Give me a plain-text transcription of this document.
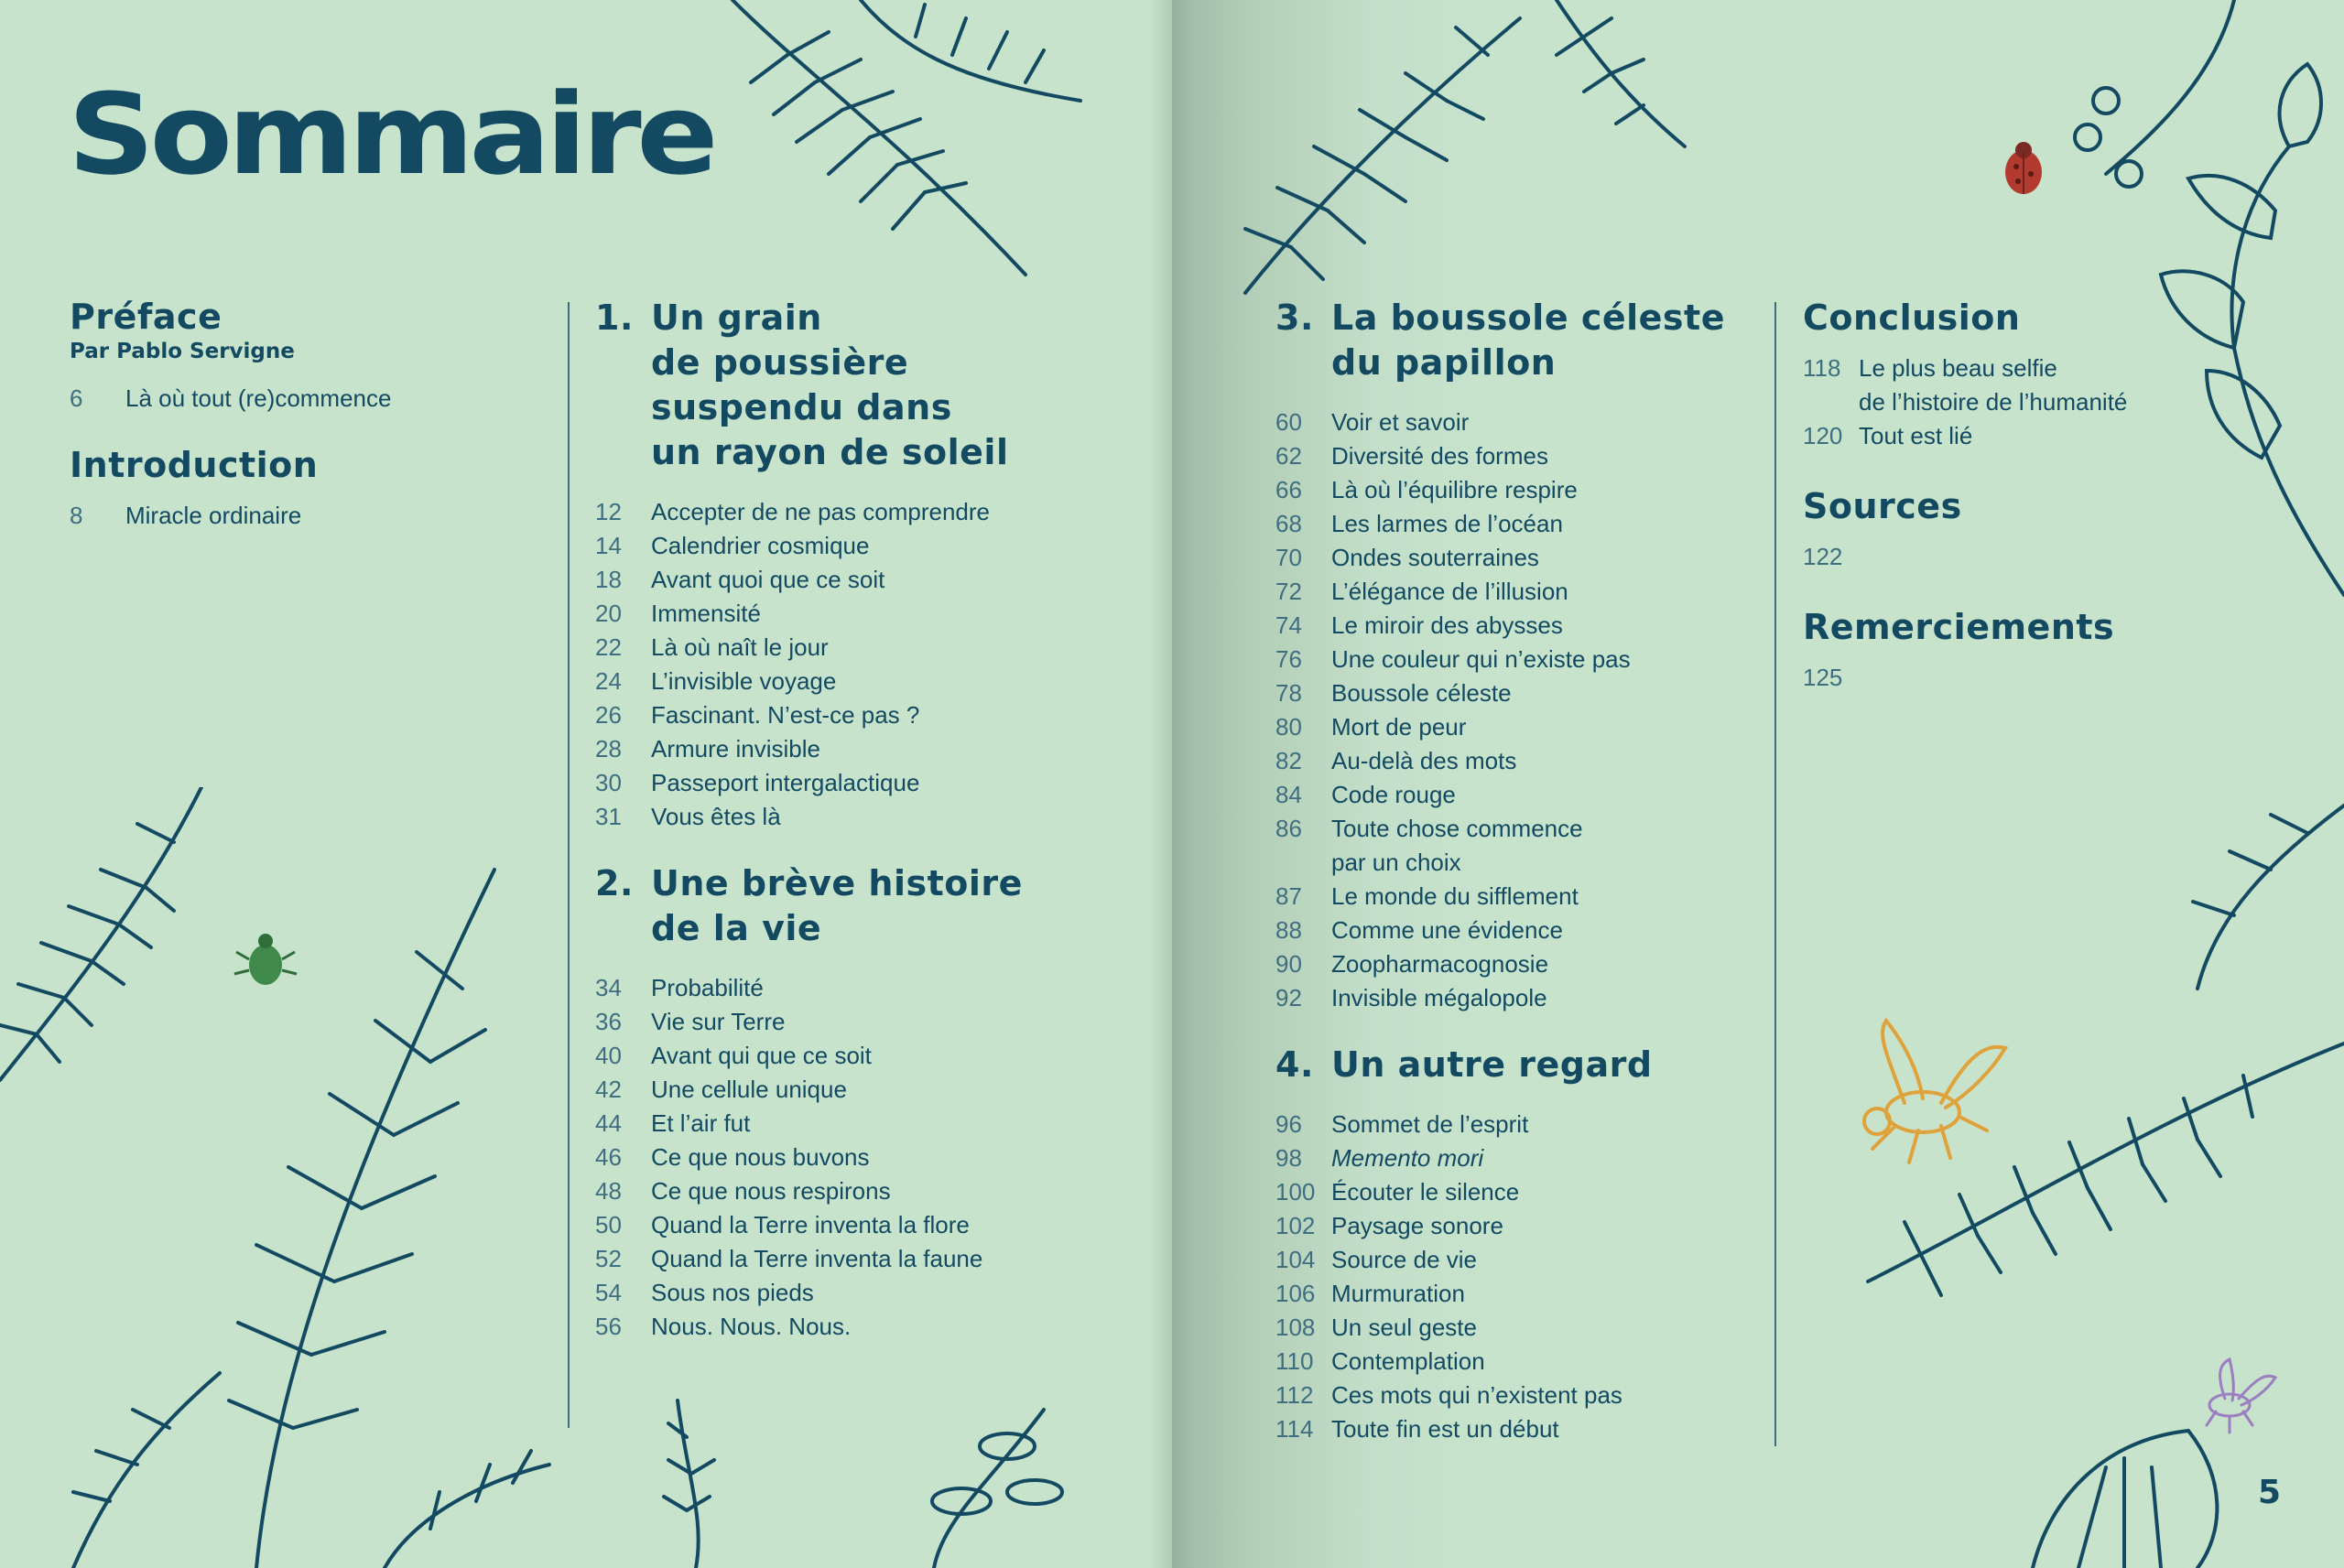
Sommaire
Préface
Par Pablo Servigne
6	Là où tout (re)commence
Introduction
8	Miracle ordinaire
1. Un grain
de poussière
suspendu dans
un rayon de soleil
12	Accepter de ne pas comprendre
14	Calendrier cosmique
18	Avant quoi que ce soit
20	Immensité
22	Là où naît le jour
24	L’invisible voyage
26	Fascinant. N’est-ce pas ?
28	Armure invisible
30	Passeport intergalactique
31	Vous êtes là
2. Une brève histoire
de la vie
34	Probabilité
36	Vie sur Terre
40	Avant qui que ce soit
42	Une cellule unique
44	Et l’air fut
46	Ce que nous buvons
48	Ce que nous respirons
50	Quand la Terre inventa la flore
52	Quand la Terre inventa la faune
54	Sous nos pieds
56	Nous. Nous. Nous.
3. La boussole céleste
du papillon
60	Voir et savoir
62	Diversité des formes
66	Là où l’équilibre respire
68	Les larmes de l’océan
70	Ondes souterraines
72	L’élégance de l’illusion
74	Le miroir des abysses
76	Une couleur qui n’existe pas
78	Boussole céleste
80	Mort de peur
82	Au-delà des mots
84	Code rouge
86	Toute chose commence
par un choix
87	Le monde du sifflement
88	Comme une évidence
90	Zoopharmacognosie
92	Invisible mégalopole
4. Un autre regard
96	Sommet de l’esprit
98	Memento mori
100 Écouter le silence
102 Paysage sonore
104 Source de vie
106 Murmuration
108 Un seul geste
110 Contemplation
112 Ces mots qui n’existent pas
114 Toute fin est un début
Conclusion
118 Le plus beau selfie
de l’histoire de l’humanité
120 Tout est lié
Sources
122
Remerciements
125
5
